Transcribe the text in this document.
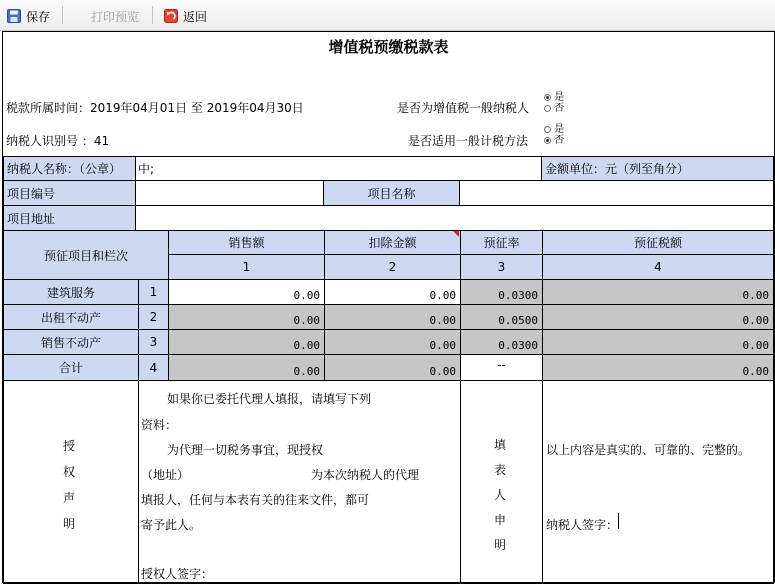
保存	打印预览	返回
增值税预缴税款表
税款所属时间：2019年04月01日 至 2019年04月30日	是否为增值税一般纳税人
是
否
纳税人识别号 ：41	是否适用一般计税方法
是
否
纳税人名称：（公章）	中;	金额单位：元（列至角分）
项目编号	项目名称
项目地址
预征项目和栏次
销售额	扣除金额	预征率	预征税额
1	2	3	4
建筑服务	1	0.00	0.00	0.0300	0.00
出租不动产	2	0.00	0.00	0.0500	0.00
销售不动产	3	0.00	0.00	0.0300	0.00
合计	4	0.00	0.00	--	0.00
授权声明
如果你已委托代理人填报，请填写下列
资料：
为代理一切税务事宜，现授权
（地址）	为本次纳税人的代理
填报人，任何与本表有关的往来文件，都可
寄予此人。
授权人签字：
填表人申明
以上内容是真实的、可靠的、完整的。
纳税人签字：
